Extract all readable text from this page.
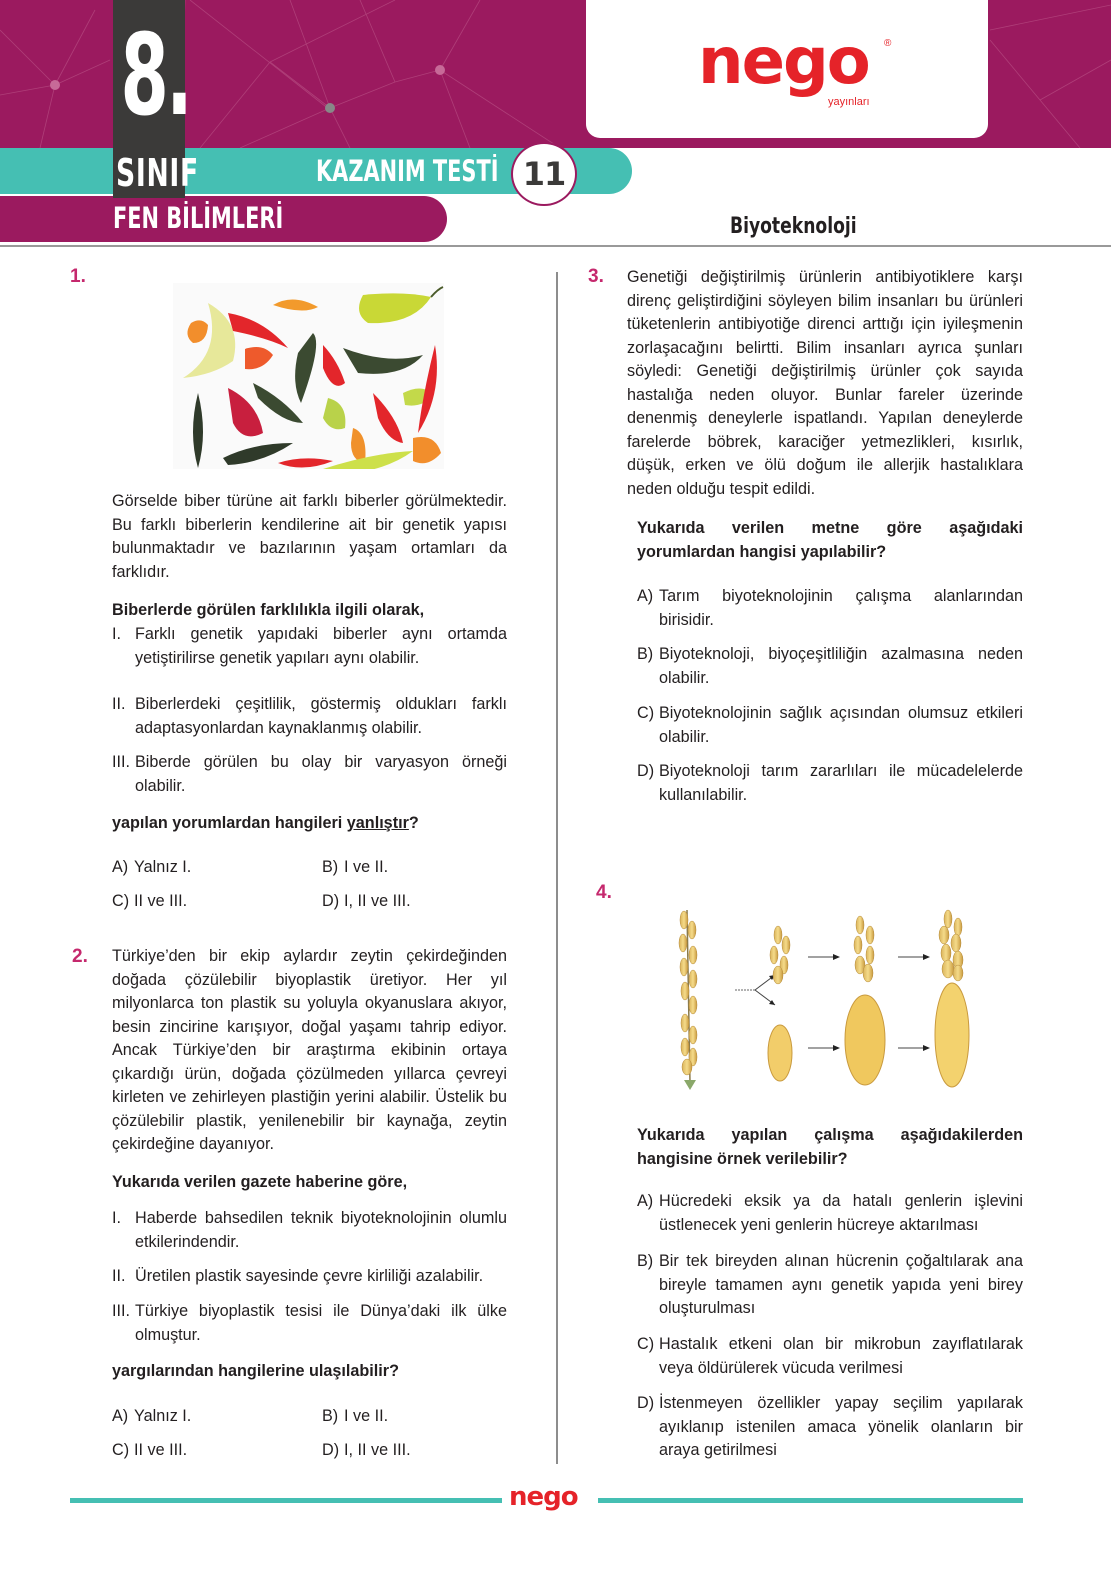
nego ®
yayınları
8.
SINIF	KAZANIM TESTİ 11
FEN BİLİMLERİ	Biyoteknoloji
1.
Görselde biber türüne ait farklı biberler görülmektedir. Bu farklı biberlerin kendilerine ait bir genetik yapısı bulunmaktadır ve bazılarının yaşam ortamları da farklıdır.
Biberlerde görülen farklılıkla ilgili olarak,
I. Farklı genetik yapıdaki biberler aynı ortamda yetiştirilirse genetik yapıları aynı olabilir.
II. Biberlerdeki çeşitlilik, göstermiş oldukları farklı adaptasyonlardan kaynaklanmış olabilir.
III. Biberde görülen bu olay bir varyasyon örneği olabilir.
yapılan yorumlardan hangileri yanlıştır?
A) Yalnız I.	B) I ve II.
C) II ve III.	D) I, II ve III.
2. Türkiye’den bir ekip aylardır zeytin çekirdeğinden doğada çözülebilir biyoplastik üretiyor. Her yıl milyonlarca ton plastik su yoluyla okyanuslara akıyor, besin zincirine karışıyor, doğal yaşamı tahrip ediyor. Ancak Türkiye’den bir araştırma ekibinin ortaya çıkardığı ürün, doğada çözülmeden yıllarca çevreyi kirleten ve zehirleyen plastiğin yerini alabilir. Üstelik bu çözülebilir plastik, yenilenebilir bir kaynağa, zeytin çekirdeğine dayanıyor.
Yukarıda verilen gazete haberine göre,
I. Haberde bahsedilen teknik biyoteknolojinin olumlu etkilerindendir.
II. Üretilen plastik sayesinde çevre kirliliği azalabilir.
III. Türkiye biyoplastik tesisi ile Dünya’daki ilk ülke olmuştur.
yargılarından hangilerine ulaşılabilir?
A) Yalnız I.	B) I ve II.
C) II ve III.	D) I, II ve III.
3. Genetiği değiştirilmiş ürünlerin antibiyotiklere karşı direnç geliştirdiğini söyleyen bilim insanları bu ürünleri tüketenlerin antibiyotiğe direnci arttığı için iyileşmenin zorlaşacağını belirtti. Bilim insanları ayrıca şunları söyledi: Genetiği değiştirilmiş ürünler çok sayıda hastalığa neden oluyor. Bunlar fareler üzerinde denenmiş deneylerle ispatlandı. Yapılan deneylerde farelerde böbrek, karaciğer yetmezlikleri, kısırlık, düşük, erken ve ölü doğum ile allerjik hastalıklara neden olduğu tespit edildi.
Yukarıda verilen metne göre aşağıdaki yorumlardan hangisi yapılabilir?
A) Tarım biyoteknolojinin çalışma alanlarından birisidir.
B) Biyoteknoloji, biyoçeşitliliğin azalmasına neden olabilir.
C) Biyoteknolojinin sağlık açısından olumsuz etkileri olabilir.
D) Biyoteknoloji tarım zararlıları ile mücadelelerde kullanılabilir.
4.
Yukarıda yapılan çalışma aşağıdakilerden hangisine örnek verilebilir?
A) Hücredeki eksik ya da hatalı genlerin işlevini üstlenecek yeni genlerin hücreye aktarılması
B) Bir tek bireyden alınan hücrenin çoğaltılarak ana bireyle tamamen aynı genetik yapıda yeni birey oluşturulması
C) Hastalık etkeni olan bir mikrobun zayıflatılarak veya öldürülerek vücuda verilmesi
D) İstenmeyen özellikler yapay seçilim yapılarak ayıklanıp istenilen amaca yönelik olanların bir araya getirilmesi
nego
